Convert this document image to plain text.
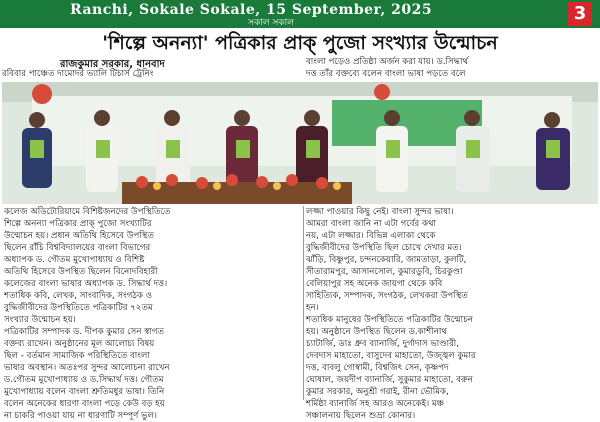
Ranchi, Sokale Sokale, 15 September, 2025
সকাল সকাল	3
'শিল্পে অনন্যা' পত্রিকার প্রাক্‌ পুজো সংখ্যার উন্মোচন
রাজকুমার সরকার, ধানবাদ
রবিবার পাঞ্চেত দামোদর ভ্যালি টিচার্স ট্রেনিং
বাংলা পড়েও প্রতিষ্ঠা অর্জন করা যায়। ড.সিদ্ধার্থ
দত্ত তাঁর বক্তব্যে বলেন বাংলা ভাষা পড়তে বলে
কলেজ অডিটোরিয়ামে বিশিষ্টজনদের উপস্থিতিতে
শিল্পে অনন্যা পত্রিকার প্রাক্‌ পুজো সংখ্যাটির
উন্মোচন হয়। প্রধান অতিথি হিসেবে উপস্থিত
ছিলেন রাঁচি বিশ্ববিদ্যালয়ের বাংলা বিভাগের
অধ্যাপক ড. গৌতম মুখোপাধ্যায় ও বিশিষ্ট
অতিথি হিসেবে উপস্থিত ছিলেন বিনোদবিহারী
কলেজের বাংলা ভাষার অধ্যাপক ড. সিদ্ধার্থ দত্ত।
শতাধিক কবি, লেখক, সাংবাদিক, সংগঠক ও
বুদ্ধিজীবীদের উপস্থিতিতে পত্রিকাটির ৭২তম
সংখ্যার উন্মোচন হয়।
পত্রিকাটির সম্পাদক ড. দীপক কুমার সেন স্বাগত
বক্তব্য রাখেন। অনুষ্ঠানের মূল আলোচ্য বিষয়
ছিল - বর্তমান সামাজিক পরিস্থিতিতে বাংলা
ভাষার অবস্থান। অতঃপর সুন্দর আলোচনা রাখেন
ড.গৌতম মুখোপাধ্যায় ও ড.সিদ্ধার্থ দত্ত। গৌতম
মুখোপাধ্যায় বলেন বাংলা শ্রুতিমধুর ভাষা। তিনি
বলেন অনেকের ধারণা বাংলা পড়ে কেউ বড় হয়
না চাকরি পাওয়া যায় না ধারণাটি সম্পূর্ণ ভুল।
লজ্জা পাওয়ার কিছু নেই। বাংলা সুন্দর ভাষা।
আমরা বাংলা জানি না এটা গর্বের কথা
নয়, এটা লজ্জার। বিভিন্ন এলাকা থেকে
বুদ্ধিজীবীদের উপস্থিতি ছিল চোখে দেখার মত।
ঝাঁড়ি, বিষ্ণুপুর, চন্দনকেয়ারি, জামতাড়া, কুলটি,
সীতারামপুর, আসানসোল, কুমারডুবি, চিরকুণ্ডা
বেলিয়াপুর সহ অনেক জায়গা থেকে কবি
সাহিত্যিক, সম্পাদক, সংগঠক, লেখকরা উপস্থিত
হন।
শতাধিক মানুষের উপস্থিতিতে পত্রিকাটির উন্মোচন
হয়। অনুষ্ঠানে উপস্থিত ছিলেন ড.কাশীনাথ
চ্যাটার্জি, ডাঃ ধ্রুব ব্যানার্জি, দুর্গাদাস ভাণ্ডারী,
দেবদাস মাহাতো, বাসুদেব মাহাতো, উজ্জ্বল কুমার
দত্ত, বাবলু গোস্বামী, বিশ্বজিৎ সেন, কৃষ্ণপদ
ঘোষাল, জয়দীপ ব্যানার্জি, সুকুমার মাহাতো, বরুন
কুমার সরকার, অনুশ্রী গরাই, রীনা ভৌমিক,
শর্মিষ্ঠা ব্যানার্জি সহ আরও অনেকেই। মঞ্চ
সঞ্চালনায় ছিলেন শুভ্রা কোনার।
